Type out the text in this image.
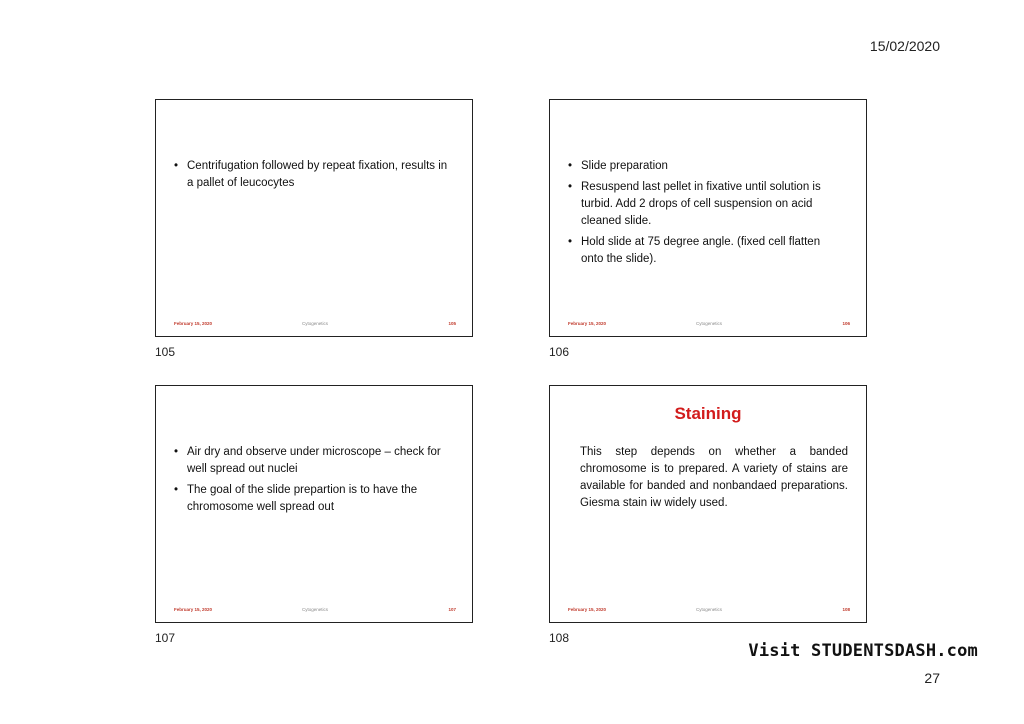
15/02/2020
• Centrifugation followed by repeat fixation, results in a pallet of leucocytes
February 15, 2020	Cytogenetics	105
105
• Slide preparation
• Resuspend last pellet in fixative until solution is turbid. Add 2 drops of cell suspension on acid cleaned slide.
• Hold slide at 75 degree angle. (fixed cell flatten onto the slide).
February 15, 2020	Cytogenetics	106
106
• Air dry and observe under microscope – check for well spread out nuclei
• The goal of the slide prepartion is to have the chromosome well spread out
February 15, 2020	Cytogenetics	107
107
Staining

This step depends on whether a banded chromosome is to prepared. A variety of stains are available for banded and nonbandaed preparations. Giesma stain iw widely used.

February 15, 2020	Cytogenetics	108
108
Visit STUDENTSDASH.com
27
